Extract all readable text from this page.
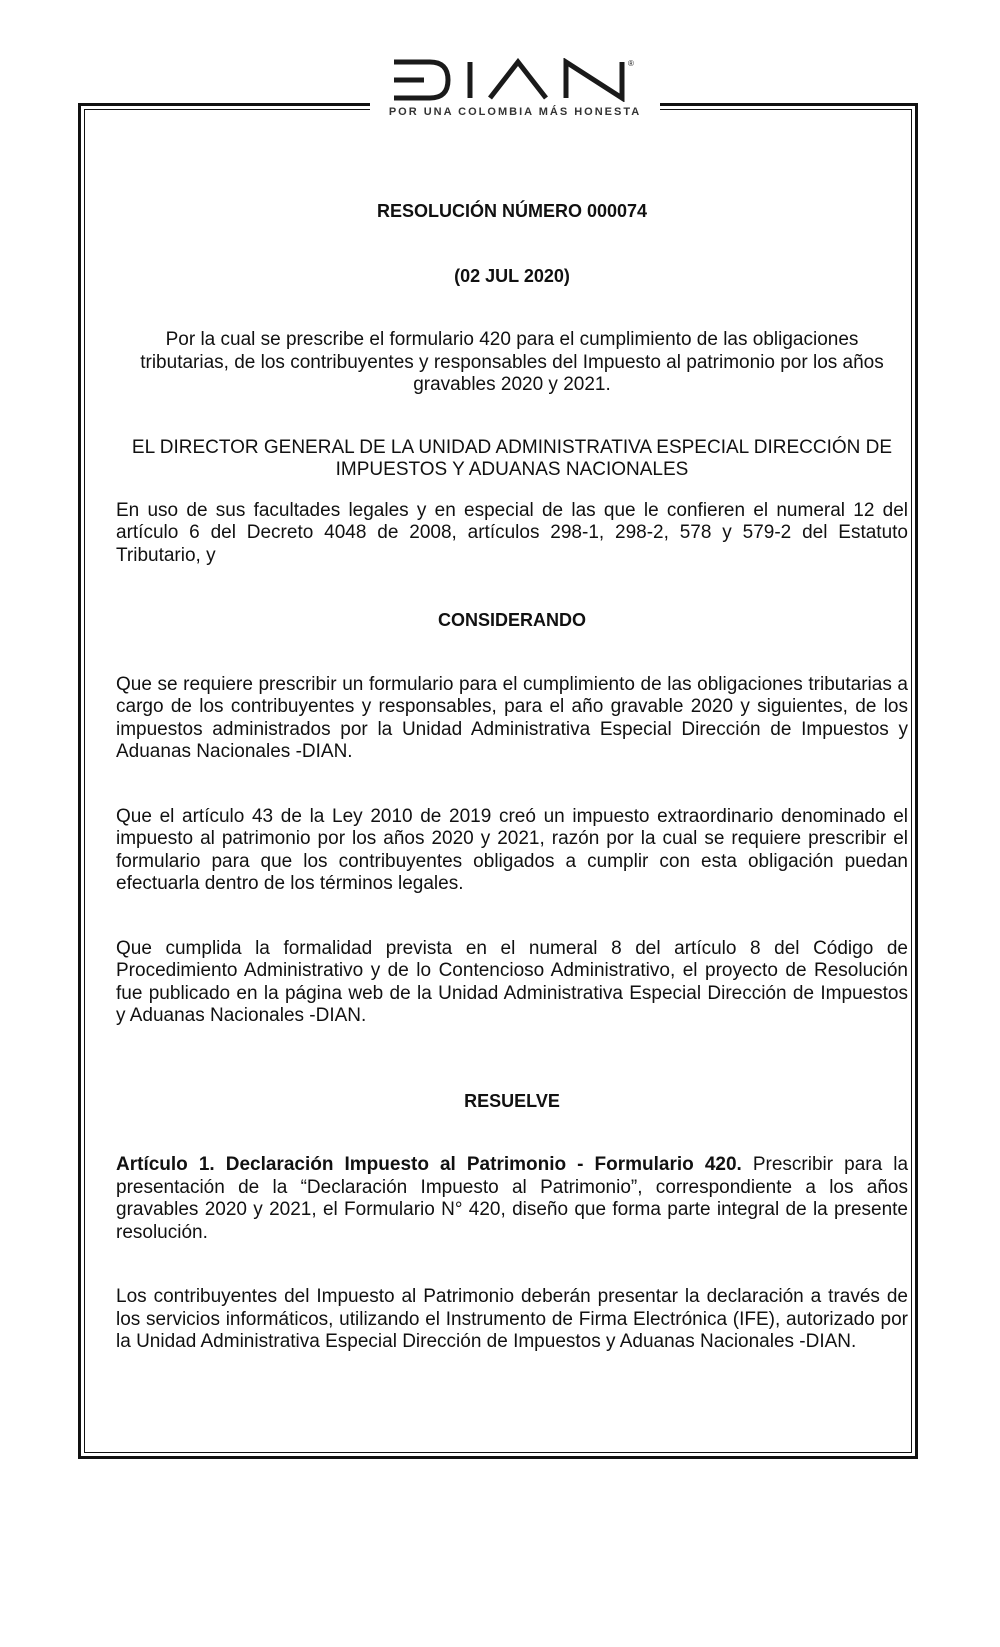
®
POR UNA COLOMBIA MÁS HONESTA

RESOLUCIÓN NÚMERO 000074

(02 JUL 2020)

Por la cual se prescribe el formulario 420 para el cumplimiento de las obligaciones tributarias, de los contribuyentes y responsables del Impuesto al patrimonio por los años gravables 2020 y 2021.

EL DIRECTOR GENERAL DE LA UNIDAD ADMINISTRATIVA ESPECIAL DIRECCIÓN DE IMPUESTOS Y ADUANAS NACIONALES

En uso de sus facultades legales y en especial de las que le confieren el numeral 12 del artículo 6 del Decreto 4048 de 2008, artículos 298-1, 298-2, 578 y 579-2 del Estatuto Tributario, y

CONSIDERANDO

Que se requiere prescribir un formulario para el cumplimiento de las obligaciones tributarias a cargo de los contribuyentes y responsables, para el año gravable 2020 y siguientes, de los impuestos administrados por la Unidad Administrativa Especial Dirección de Impuestos y Aduanas Nacionales -DIAN.

Que el artículo 43 de la Ley 2010 de 2019 creó un impuesto extraordinario denominado el impuesto al patrimonio por los años 2020 y 2021, razón por la cual se requiere prescribir el formulario para que los contribuyentes obligados a cumplir con esta obligación puedan efectuarla dentro de los términos legales.

Que cumplida la formalidad prevista en el numeral 8 del artículo 8 del Código de Procedimiento Administrativo y de lo Contencioso Administrativo, el proyecto de Resolución fue publicado en la página web de la Unidad Administrativa Especial Dirección de Impuestos y Aduanas Nacionales -DIAN.

RESUELVE

Artículo 1. Declaración Impuesto al Patrimonio - Formulario 420. Prescribir para la presentación de la “Declaración Impuesto al Patrimonio”, correspondiente a los años gravables 2020 y 2021, el Formulario N° 420, diseño que forma parte integral de la presente resolución.

Los contribuyentes del Impuesto al Patrimonio deberán presentar la declaración a través de los servicios informáticos, utilizando el Instrumento de Firma Electrónica (IFE), autorizado por la Unidad Administrativa Especial Dirección de Impuestos y Aduanas Nacionales -DIAN.
